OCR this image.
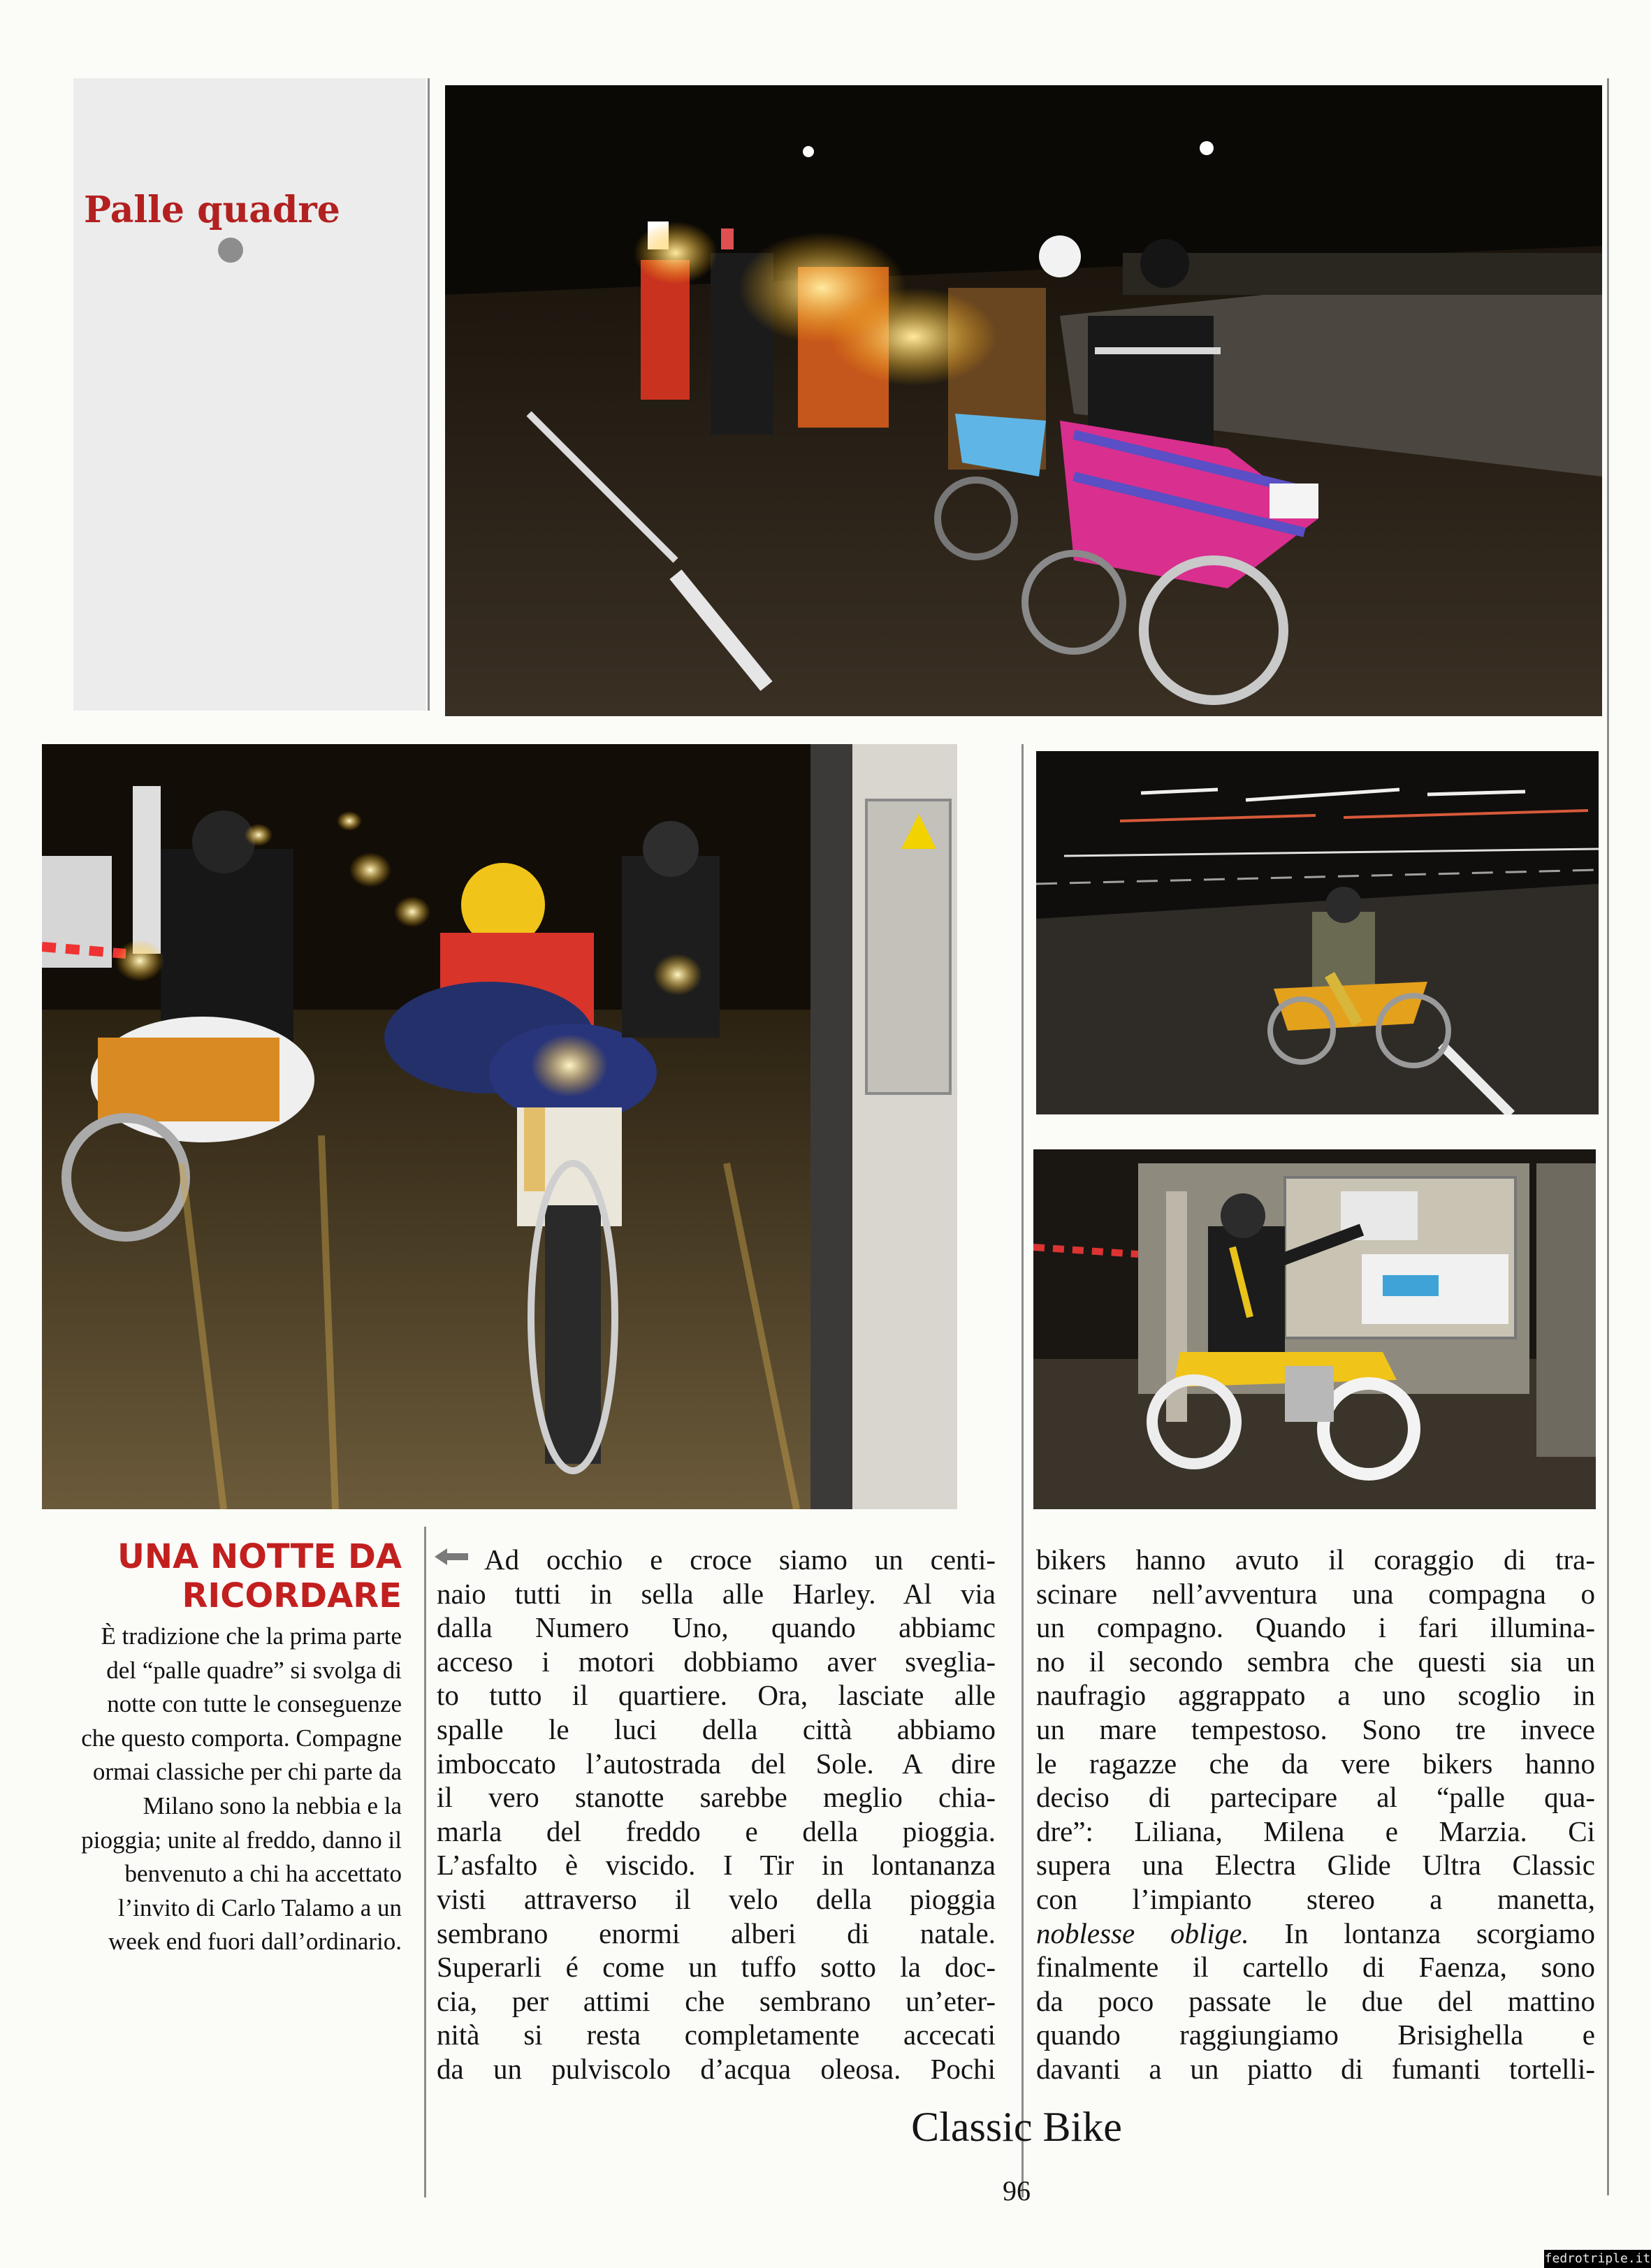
Palle quadre
UNA NOTTE DA RICORDARE
È tradizione che la prima parte
del “palle quadre” si svolga di
notte con tutte le conseguenze
che questo comporta. Compagne
ormai classiche per chi parte da
Milano sono la nebbia e la
pioggia; unite al freddo, danno il
benvenuto a chi ha accettato
l’invito di Carlo Talamo a un
week end fuori dall’ordinario.
Ad occhio e croce siamo un centi-
naio tutti in sella alle Harley. Al via
dalla Numero Uno, quando abbiamc
acceso i motori dobbiamo aver sveglia-
to tutto il quartiere. Ora, lasciate alle
spalle le luci della città abbiamo
imboccato l’autostrada del Sole. A dire
il vero stanotte sarebbe meglio chia-
marla del freddo e della pioggia.
L’asfalto è viscido. I Tir in lontananza
visti attraverso il velo della pioggia
sembrano enormi alberi di natale.
Superarli é come un tuffo sotto la doc-
cia, per attimi che sembrano un’eter-
nità si resta completamente accecati
da un pulviscolo d’acqua oleosa. Pochi
bikers hanno avuto il coraggio di tra-
scinare nell’avventura una compagna o
un compagno. Quando i fari illumina-
no il secondo sembra che questi sia un
naufragio aggrappato a uno scoglio in
un mare tempestoso. Sono tre invece
le ragazze che da vere bikers hanno
deciso di partecipare al “palle qua-
dre”: Liliana, Milena e Marzia. Ci
supera una Electra Glide Ultra Classic
con l’impianto stereo a manetta,
noblesse oblige. In lontanza scorgiamo
finalmente il cartello di Faenza, sono
da poco passate le due del mattino
quando raggiungiamo Brisighella e
davanti a un piatto di fumanti tortelli-
Classic Bike
96
fedrotriple.it
